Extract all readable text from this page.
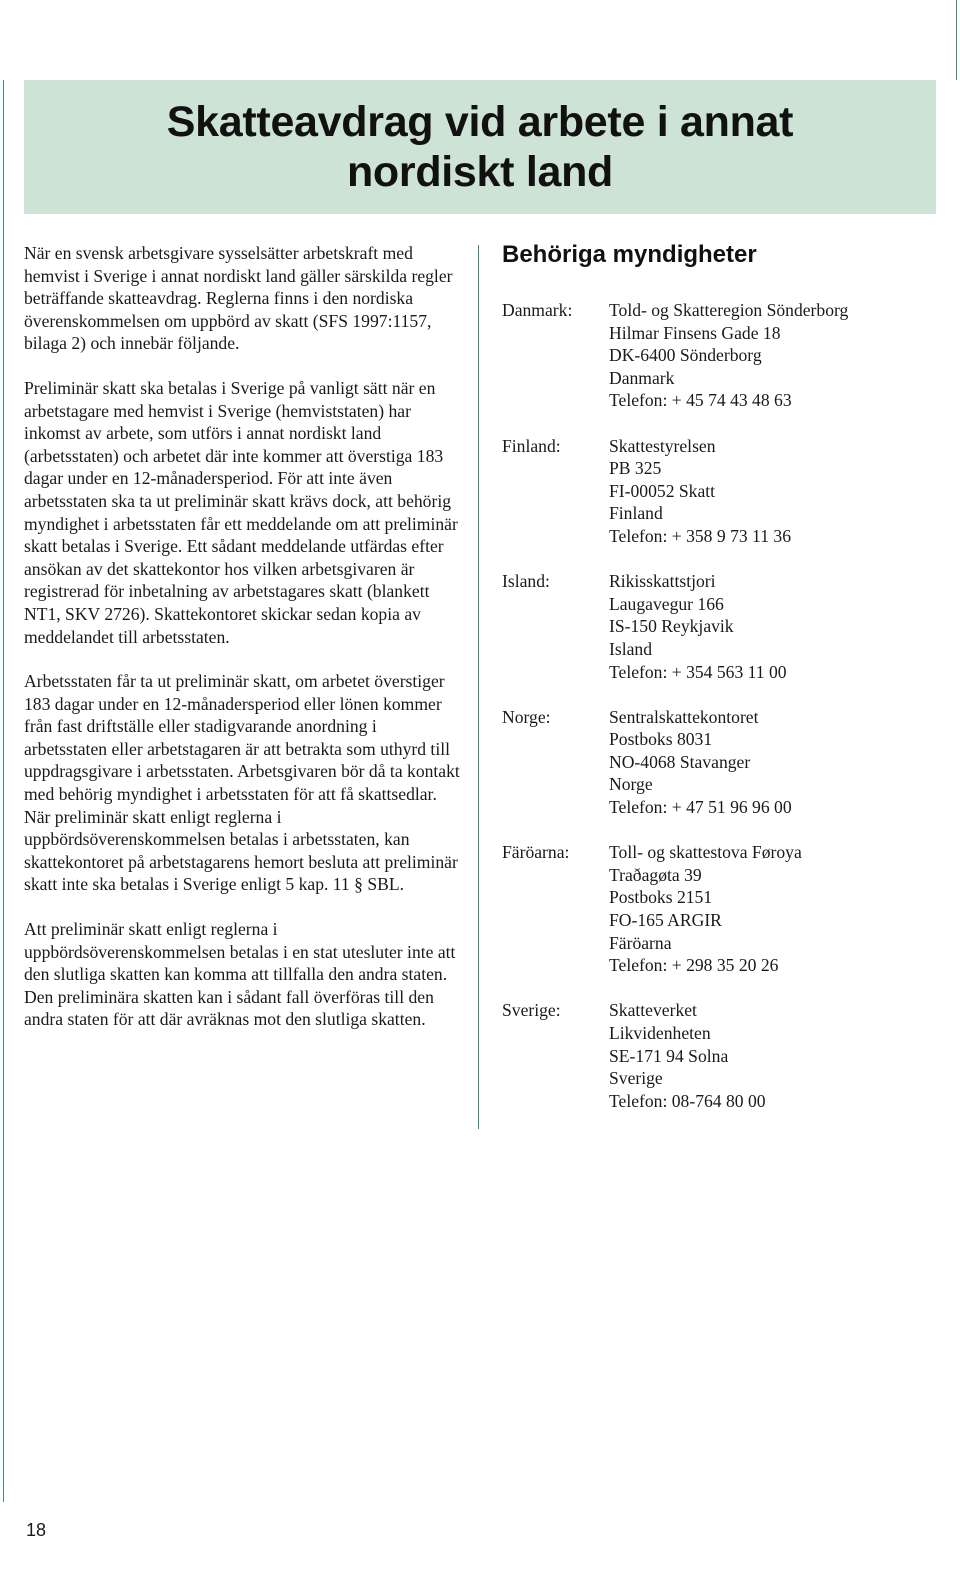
Skatteavdrag vid arbete i annat nordiskt land

När en svensk arbetsgivare sysselsätter arbetskraft med hemvist i Sverige i annat nordiskt land gäller särskilda regler beträffande skatteavdrag. Reglerna finns i den nordiska överenskommelsen om uppbörd av skatt (SFS 1997:1157, bilaga 2) och innebär följande.

Preliminär skatt ska betalas i Sverige på vanligt sätt när en arbetstagare med hemvist i Sverige (hemviststaten) har inkomst av arbete, som utförs i annat nordiskt land (arbetsstaten) och arbetet där inte kommer att överstiga 183 dagar under en 12-månadersperiod. För att inte även arbetsstaten ska ta ut preliminär skatt krävs dock, att behörig myndighet i arbetsstaten får ett meddelande om att preliminär skatt betalas i Sverige. Ett sådant meddelande utfärdas efter ansökan av det skattekontor hos vilken arbetsgivaren är registrerad för inbetalning av arbetstagares skatt (blankett NT1, SKV 2726). Skattekontoret skickar sedan kopia av meddelandet till arbetsstaten.

Arbetsstaten får ta ut preliminär skatt, om arbetet överstiger 183 dagar under en 12-månadersperiod eller lönen kommer från fast driftställe eller stadigvarande anordning i arbetsstaten eller arbetstagaren är att betrakta som uthyrd till uppdragsgivare i arbetsstaten. Arbetsgivaren bör då ta kontakt med behörig myndighet i arbetsstaten för att få skattsedlar. När preliminär skatt enligt reglerna i uppbördsöverenskommelsen betalas i arbetsstaten, kan skattekontoret på arbetstagarens hemort besluta att preliminär skatt inte ska betalas i Sverige enligt 5 kap. 11 § SBL.

Att preliminär skatt enligt reglerna i uppbördsöverenskommelsen betalas i en stat utesluter inte att den slutliga skatten kan komma att tillfalla den andra staten. Den preliminära skatten kan i sådant fall överföras till den andra staten för att där avräknas mot den slutliga skatten.

Behöriga myndigheter
Danmark:	Told- og Skatteregion Sönderborg
Hilmar Finsens Gade 18
DK-6400 Sönderborg
Danmark
Telefon: + 45 74 43 48 63
Finland:	Skattestyrelsen
PB 325
FI-00052 Skatt
Finland
Telefon: + 358 9 73 11 36
Island:	Rikisskattstjori
Laugavegur 166
IS-150 Reykjavik
Island
Telefon: + 354 563 11 00
Norge:	Sentralskattekontoret
Postboks 8031
NO-4068 Stavanger
Norge
Telefon: + 47 51 96 96 00
Färöarna:	Toll- og skattestova Føroya
Traðagøta 39
Postboks 2151
FO-165 ARGIR
Färöarna
Telefon: + 298 35 20 26
Sverige:	Skatteverket
Likvidenheten
SE-171 94 Solna
Sverige
Telefon: 08-764 80 00
18
